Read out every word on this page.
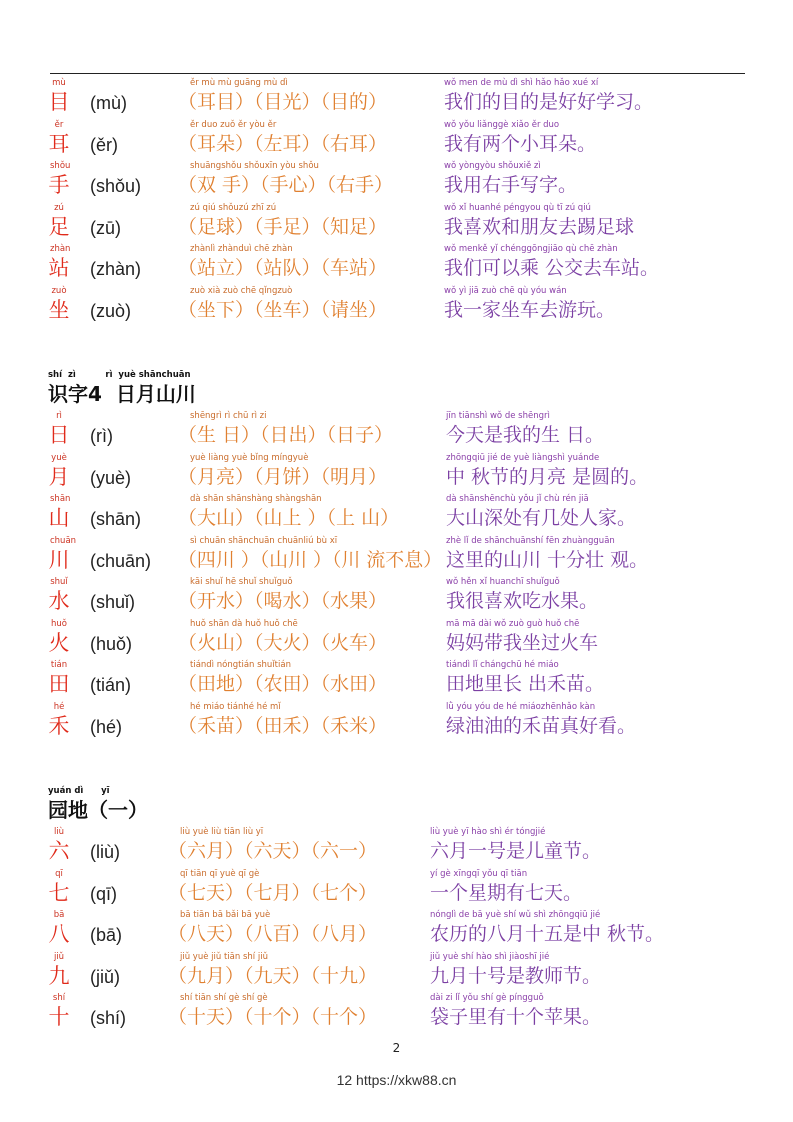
mù
目 (mù)
ěr mù mù guāng mù dì
（耳目）（目光）（目的）
wǒ men de mù dì shì hǎo hǎo xué xí
我们的目的是好好学习。
ěr
耳 (ěr)
ěr duo zuǒ ěr yòu ěr
（耳朵）（左耳）（右耳）
wǒ yǒu liǎnggè xiǎo ěr duo
我有两个小耳朵。
shǒu
手 (shǒu)
shuāngshǒu shǒuxīn yòu shǒu
（双 手）（手心）（右手）
wǒ yòngyòu shǒuxiě zì
我用右手写字。
zú
足 (zū)
zú qiú shǒuzú zhī zú
（足球）（手足）（知足）
wǒ xǐ huanhé péngyou qù tī zú qiú
我喜欢和朋友去踢足球
zhàn
站 (zhàn)
zhànlì zhànduì chē zhàn
（站立）（站队）（车站）
wǒ menkě yǐ chénggōngjiāo qù chē zhàn
我们可以乘 公交去车站。
zuò
坐 (zuò)
zuò xià zuò chē qǐngzuò
（坐下）（坐车）（请坐）
wǒ yì jiā zuò chē qù yóu wán
我一家坐车去游玩。
shí  zì          rì  yuè shānchuān
识字4  日月山川
rì
日 (rì)
shēngrì rì chū rì zi
（生 日）（日出）（日子）
jīn tiānshì wǒ de shēngrì
今天是我的生 日。
yuè
月 (yuè)
yuè liàng yuè bǐng míngyuè
（月亮）（月饼）（明月）
zhōngqiū jié de yuè liàngshì yuánde
中 秋节的月亮 是圆的。
shān
山 (shān)
dà shān shānshàng shàngshān
（大山）（山上 ）（上 山）
dà shānshēnchù yǒu jǐ chù rén jiā
大山深处有几处人家。
chuān
川 (chuān)
sì chuān shānchuān chuānliú bù xī
（四川 ）（山川 ）（川 流不息）
zhè lǐ de shānchuānshí fēn zhuàngguān
这里的山川 十分壮 观。
shuǐ
水 (shuǐ)
kāi shuǐ hē shuǐ shuǐguǒ
（开水）（喝水）（水果）
wǒ hěn xǐ huanchī shuǐguǒ
我很喜欢吃水果。
huǒ
火 (huǒ)
huǒ shān dà huǒ huǒ chē
（火山）（大火）（火车）
mā mā dài wǒ zuò guò huǒ chē
妈妈带我坐过火车
tián
田 (tián)
tiándì nóngtián shuǐtián
（田地）（农田）（水田）
tiándì lǐ chángchū hé miáo
田地里长 出禾苗。
hé
禾 (hé)
hé miáo tiánhé hé mǐ
（禾苗）（田禾）（禾米）
lǜ yóu yóu de hé miáozhēnhǎo kàn
绿油油的禾苗真好看。
yuán dì      yī
园地（一）
liù
六 (liù)
liù yuè liù tiān liù yī
（六月）（六天）（六一）
liù yuè yī hào shì ér tóngjié
六月一号是儿童节。
qī
七 (qī)
qī tiān qī yuè qī gè
（七天）（七月）（七个）
yí gè xīngqī yǒu qī tiān
一个星期有七天。
bā
八 (bā)
bā tiān bā bǎi bā yuè
（八天）（八百）（八月）
nónglì de bā yuè shí wǔ shì zhōngqiū jié
农历的八月十五是中 秋节。
jiǔ
九 (jiǔ)
jiǔ yuè jiǔ tiān shí jiǔ
（九月）（九天）（十九）
jiǔ yuè shí hào shì jiàoshī jié
九月十号是教师节。
shí
十 (shí)
shí tiān shí gè shí gè
（十天）（十个）（十个）
dài zi lǐ yǒu shí gè píngguǒ
袋子里有十个苹果。
2
12 https://xkw88.cn
